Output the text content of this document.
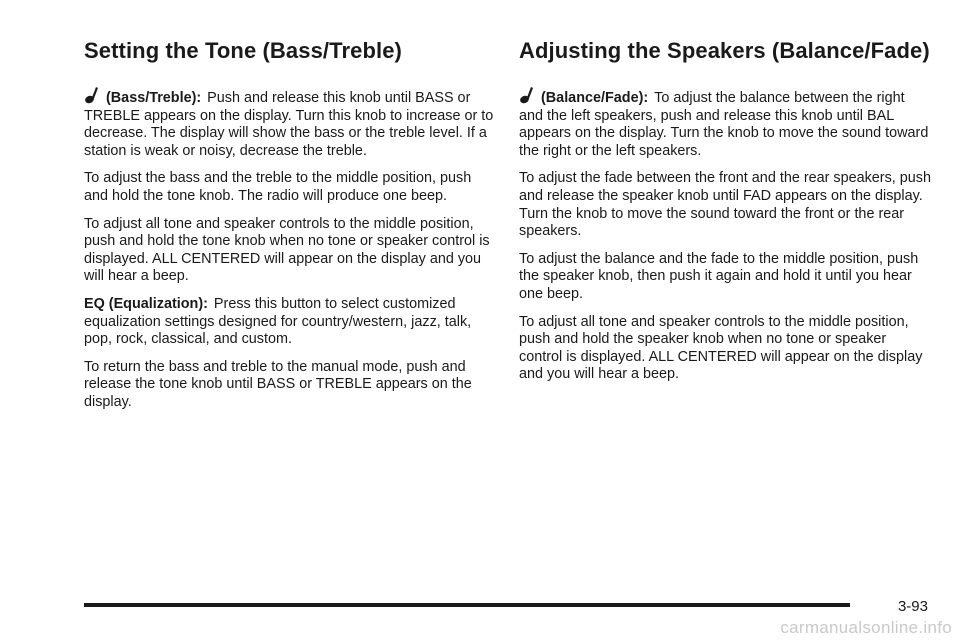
Setting the Tone (Bass/Treble)

(Bass/Treble): Push and release this knob until BASS or TREBLE appears on the display. Turn this knob to increase or to decrease. The display will show the bass or the treble level. If a station is weak or noisy, decrease the treble.

To adjust the bass and the treble to the middle position, push and hold the tone knob. The radio will produce one beep.

To adjust all tone and speaker controls to the middle position, push and hold the tone knob when no tone or speaker control is displayed. ALL CENTERED will appear on the display and you will hear a beep.

EQ (Equalization): Press this button to select customized equalization settings designed for country/western, jazz, talk, pop, rock, classical, and custom.

To return the bass and treble to the manual mode, push and release the tone knob until BASS or TREBLE appears on the display.

Adjusting the Speakers (Balance/Fade)

(Balance/Fade): To adjust the balance between the right and the left speakers, push and release this knob until BAL appears on the display. Turn the knob to move the sound toward the right or the left speakers.

To adjust the fade between the front and the rear speakers, push and release the speaker knob until FAD appears on the display. Turn the knob to move the sound toward the front or the rear speakers.

To adjust the balance and the fade to the middle position, push the speaker knob, then push it again and hold it until you hear one beep.

To adjust all tone and speaker controls to the middle position, push and hold the speaker knob when no tone or speaker control is displayed. ALL CENTERED will appear on the display and you will hear a beep.

3-93
carmanualsonline.info
